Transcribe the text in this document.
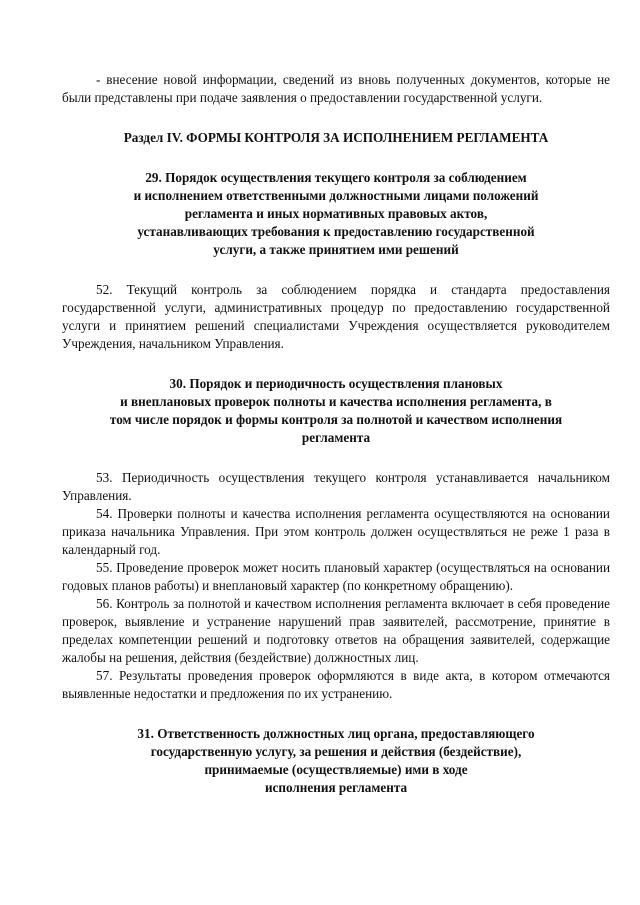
- внесение новой информации, сведений из вновь полученных документов, которые не были представлены при подаче заявления о предоставлении государственной услуги.

Раздел IV. ФОРМЫ КОНТРОЛЯ ЗА ИСПОЛНЕНИЕМ РЕГЛАМЕНТА

29. Порядок осуществления текущего контроля за соблюдением
и исполнением ответственными должностными лицами положений
регламента и иных нормативных правовых актов,
устанавливающих требования к предоставлению государственной
услуги, а также принятием ими решений

52. Текущий контроль за соблюдением порядка и стандарта предоставления государственной услуги, административных процедур по предоставлению государственной услуги и принятием решений специалистами Учреждения осуществляется руководителем Учреждения, начальником Управления.

30. Порядок и периодичность осуществления плановых
и внеплановых проверок полноты и качества исполнения регламента, в
том числе порядок и формы контроля за полнотой и качеством исполнения
регламента

53. Периодичность осуществления текущего контроля устанавливается начальником Управления.

54. Проверки полноты и качества исполнения регламента осуществляются на основании приказа начальника Управления. При этом контроль должен осуществляться не реже 1 раза в календарный год.

55. Проведение проверок может носить плановый характер (осуществляться на основании годовых планов работы) и внеплановый характер (по конкретному обращению).

56. Контроль за полнотой и качеством исполнения регламента включает в себя проведение проверок, выявление и устранение нарушений прав заявителей, рассмотрение, принятие в пределах компетенции решений и подготовку ответов на обращения заявителей, содержащие жалобы на решения, действия (бездействие) должностных лиц.

57. Результаты проведения проверок оформляются в виде акта, в котором отмечаются выявленные недостатки и предложения по их устранению.

31. Ответственность должностных лиц органа, предоставляющего
государственную услугу, за решения и действия (бездействие),
принимаемые (осуществляемые) ими в ходе
исполнения регламента
